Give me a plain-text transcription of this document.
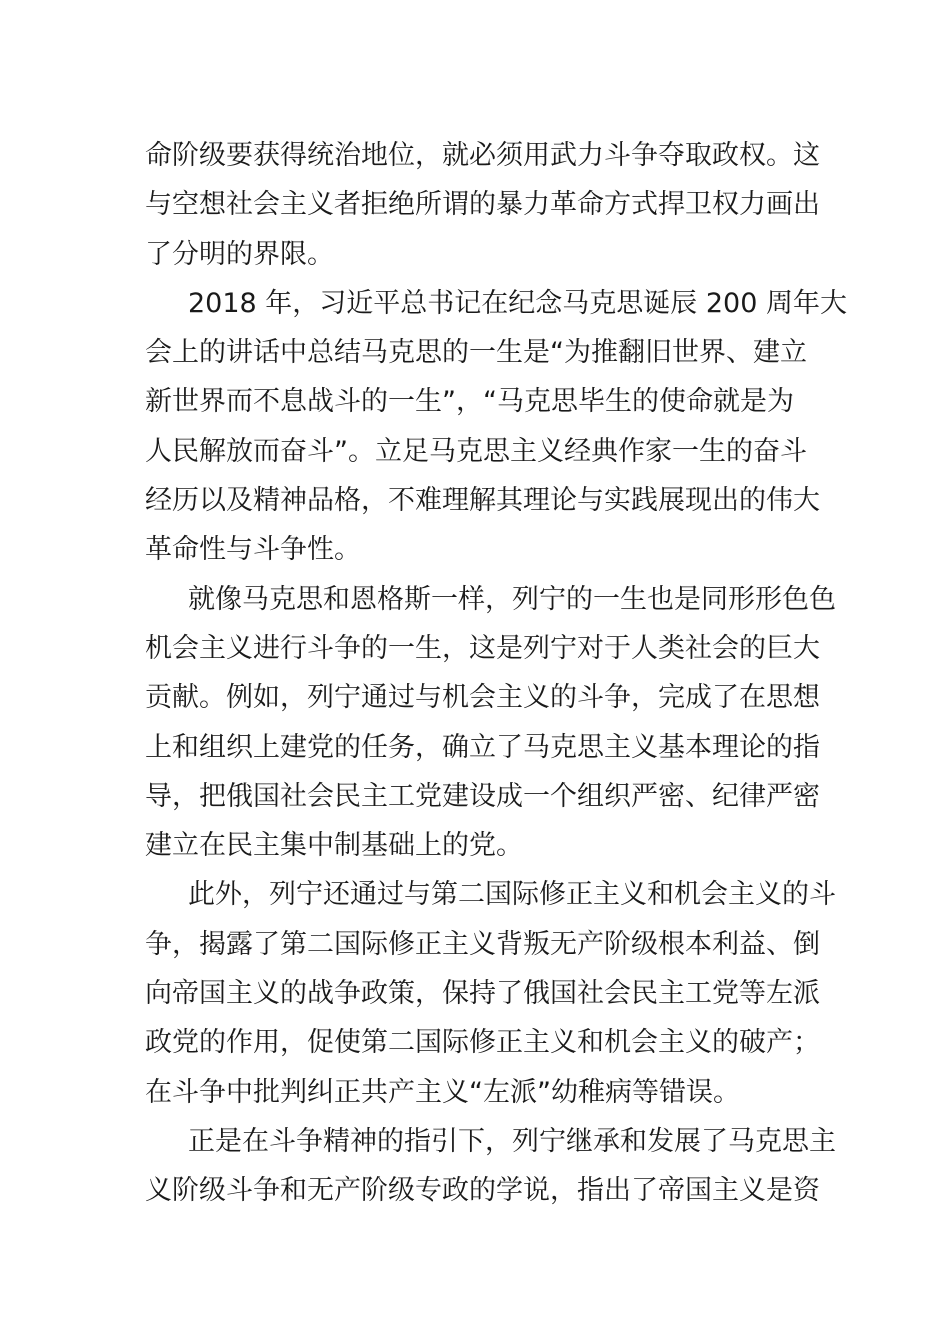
命阶级要获得统治地位，就必须用武力斗争夺取政权。这
与空想社会主义者拒绝所谓的暴力革命方式捍卫权力画出
了分明的界限。
2018 年，习近平总书记在纪念马克思诞辰 200 周年大
会上的讲话中总结马克思的一生是“为推翻旧世界、建立
新世界而不息战斗的一生”，“马克思毕生的使命就是为
人民解放而奋斗”。立足马克思主义经典作家一生的奋斗
经历以及精神品格，不难理解其理论与实践展现出的伟大
革命性与斗争性。
就像马克思和恩格斯一样，列宁的一生也是同形形色色
机会主义进行斗争的一生，这是列宁对于人类社会的巨大
贡献。例如，列宁通过与机会主义的斗争，完成了在思想
上和组织上建党的任务，确立了马克思主义基本理论的指
导，把俄国社会民主工党建设成一个组织严密、纪律严密
建立在民主集中制基础上的党。
此外，列宁还通过与第二国际修正主义和机会主义的斗
争，揭露了第二国际修正主义背叛无产阶级根本利益、倒
向帝国主义的战争政策，保持了俄国社会民主工党等左派
政党的作用，促使第二国际修正主义和机会主义的破产；
在斗争中批判纠正共产主义“左派”幼稚病等错误。
正是在斗争精神的指引下，列宁继承和发展了马克思主
义阶级斗争和无产阶级专政的学说，指出了帝国主义是资
